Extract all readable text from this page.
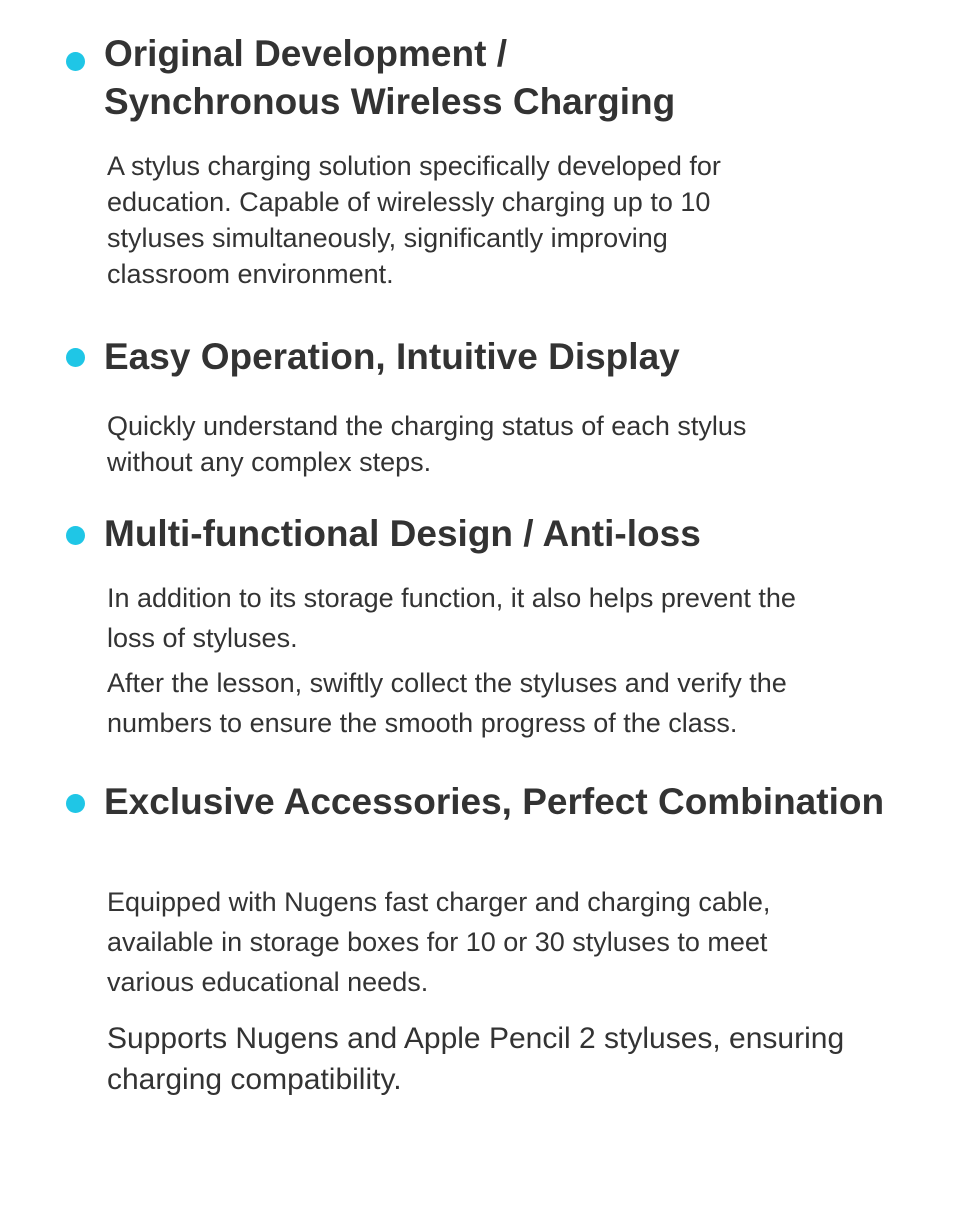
Original Development /
Synchronous Wireless Charging

A stylus charging solution specifically developed for
education. Capable of wirelessly charging up to 10
styluses simultaneously, significantly improving
classroom environment.

Easy Operation, Intuitive Display

Quickly understand the charging status of each stylus
without any complex steps.

Multi-functional Design / Anti-loss

In addition to its storage function, it also helps prevent the
loss of styluses.

After the lesson, swiftly collect the styluses and verify the
numbers to ensure the smooth progress of the class.

Exclusive Accessories, Perfect Combination

Equipped with Nugens fast charger and charging cable,
available in storage boxes for 10 or 30 styluses to meet
various educational needs.

Supports Nugens and Apple Pencil 2 styluses, ensuring
charging compatibility.
